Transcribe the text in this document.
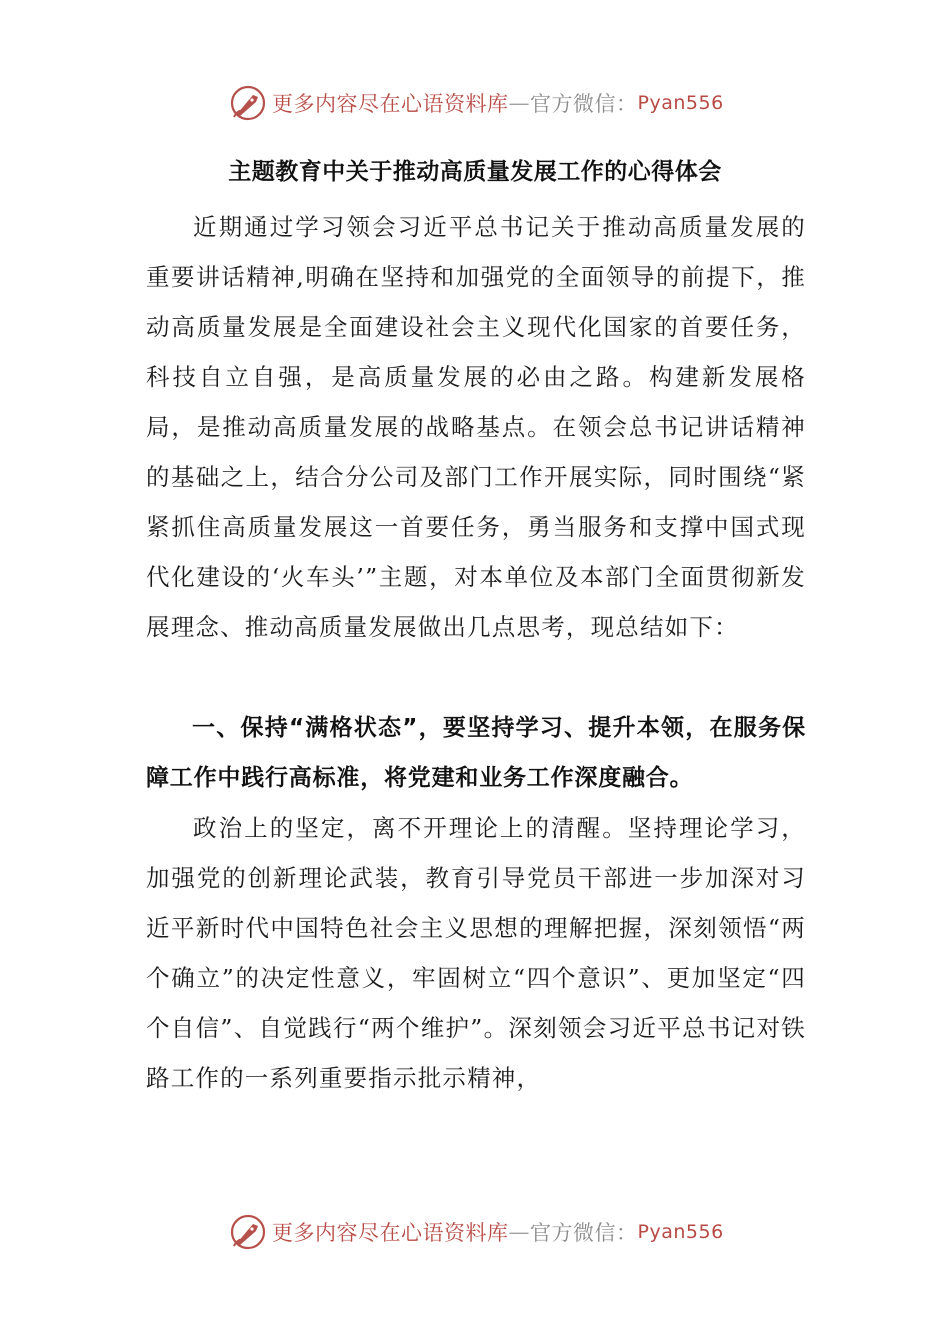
更多内容尽在心语资料库 — 官方微信： Pyan556
主题教育中关于推动高质量发展工作的心得体会

近期通过学习领会习近平总书记关于推动高质量发展的重要讲话精神,明确在坚持和加强党的全面领导的前提下，推动高质量发展是全面建设社会主义现代化国家的首要任务，科技自立自强，是高质量发展的必由之路。构建新发展格局，是推动高质量发展的战略基点。在领会总书记讲话精神的基础之上，结合分公司及部门工作开展实际，同时围绕“紧紧抓住高质量发展这一首要任务，勇当服务和支撑中国式现代化建设的‘火车头’”主题，对本单位及本部门全面贯彻新发展理念、推动高质量发展做出几点思考，现总结如下：

一、保持“满格状态”，要坚持学习、提升本领，在服务保障工作中践行高标准，将党建和业务工作深度融合。

政治上的坚定，离不开理论上的清醒。坚持理论学习，加强党的创新理论武装，教育引导党员干部进一步加深对习近平新时代中国特色社会主义思想的理解把握，深刻领悟“两个确立”的决定性意义，牢固树立“四个意识”、更加坚定“四个自信”、自觉践行“两个维护”。深刻领会习近平总书记对铁路工作的一系列重要指示批示精神，

更多内容尽在心语资料库 — 官方微信： Pyan556
